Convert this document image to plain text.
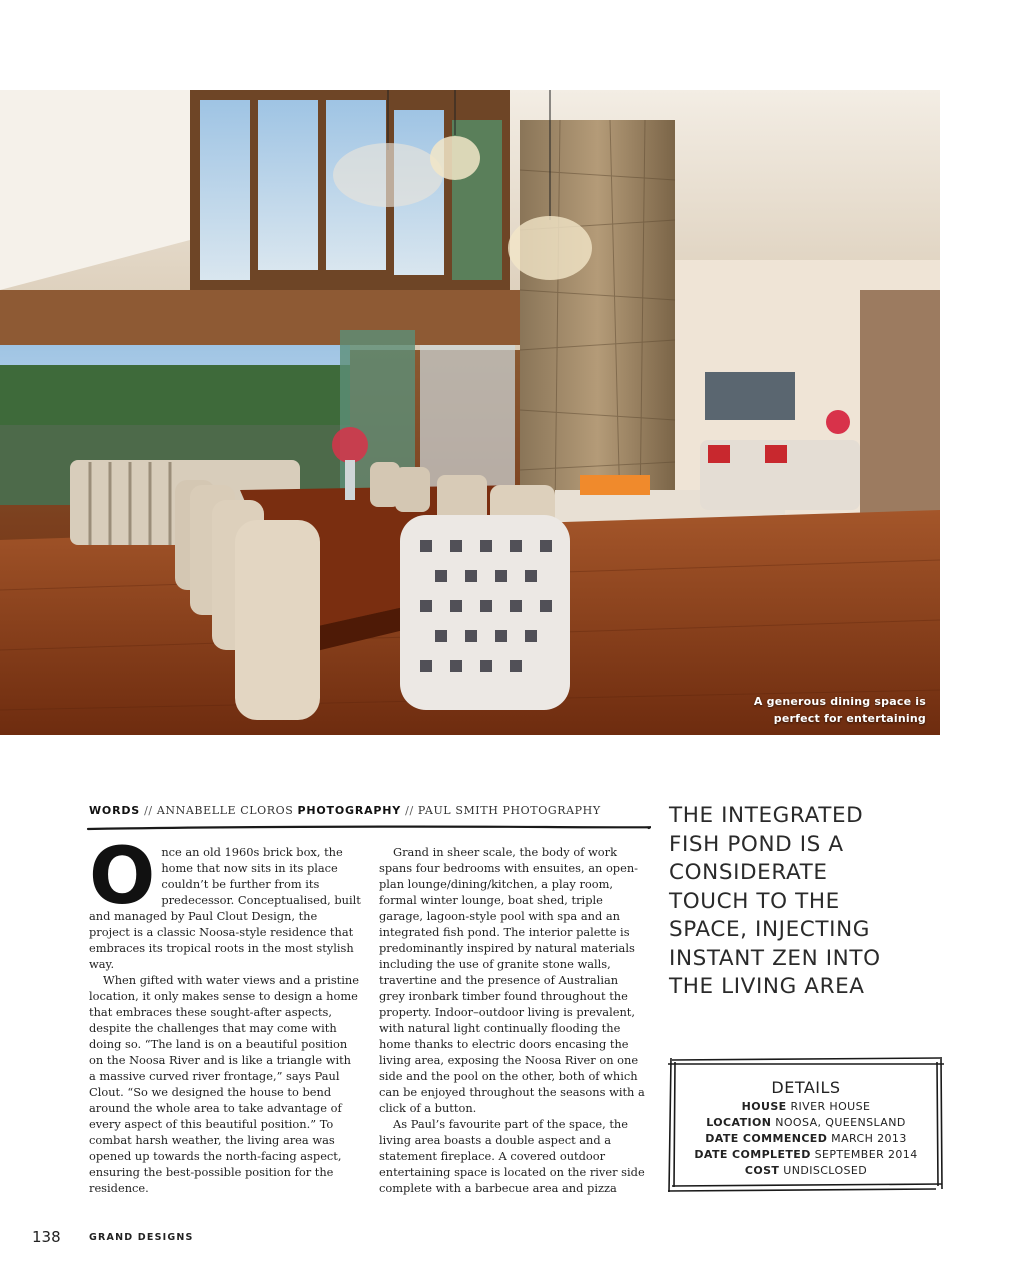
A generous dining space is
perfect for entertaining
WORDS // ANNABELLE CLOROS PHOTOGRAPHY // PAUL SMITH PHOTOGRAPHY
O nce an old 1960s brick box, the home that now sits in its place couldn’t be further from its predecessor. Conceptualised, built and managed by Paul Clout Design, the project is a classic Noosa-style residence that embraces its tropical roots in the most stylish way.

When gifted with water views and a pristine location, it only makes sense to design a home that embraces these sought-after aspects, despite the challenges that may come with doing so. “The land is on a beautiful position on the Noosa River and is like a triangle with a massive curved river frontage,” says Paul Clout. “So we designed the house to bend around the whole area to take advantage of every aspect of this beautiful position.” To combat harsh weather, the living area was opened up towards the north-facing aspect, ensuring the best-possible position for the residence.

Grand in sheer scale, the body of work spans four bedrooms with ensuites, an open-plan lounge/dining/kitchen, a play room, formal winter lounge, boat shed, triple garage, lagoon-style pool with spa and an integrated fish pond. The interior palette is predominantly inspired by natural materials including the use of granite stone walls, travertine and the presence of Australian grey ironbark timber found throughout the property. Indoor–outdoor living is prevalent, with natural light continually flooding the home thanks to electric doors encasing the living area, exposing the Noosa River on one side and the pool on the other, both of which can be enjoyed throughout the seasons with a click of a button.

As Paul’s favourite part of the space, the living area boasts a double aspect and a statement fireplace. A covered outdoor entertaining space is located on the river side complete with a barbecue area and pizza

THE INTEGRATED
FISH POND IS A
CONSIDERATE
TOUCH TO THE
SPACE, INJECTING
INSTANT ZEN INTO
THE LIVING AREA
DETAILS
HOUSE RIVER HOUSE
LOCATION NOOSA, QUEENSLAND
DATE COMMENCED MARCH 2013
DATE COMPLETED SEPTEMBER 2014
COST UNDISCLOSED
138	GRAND DESIGNS
